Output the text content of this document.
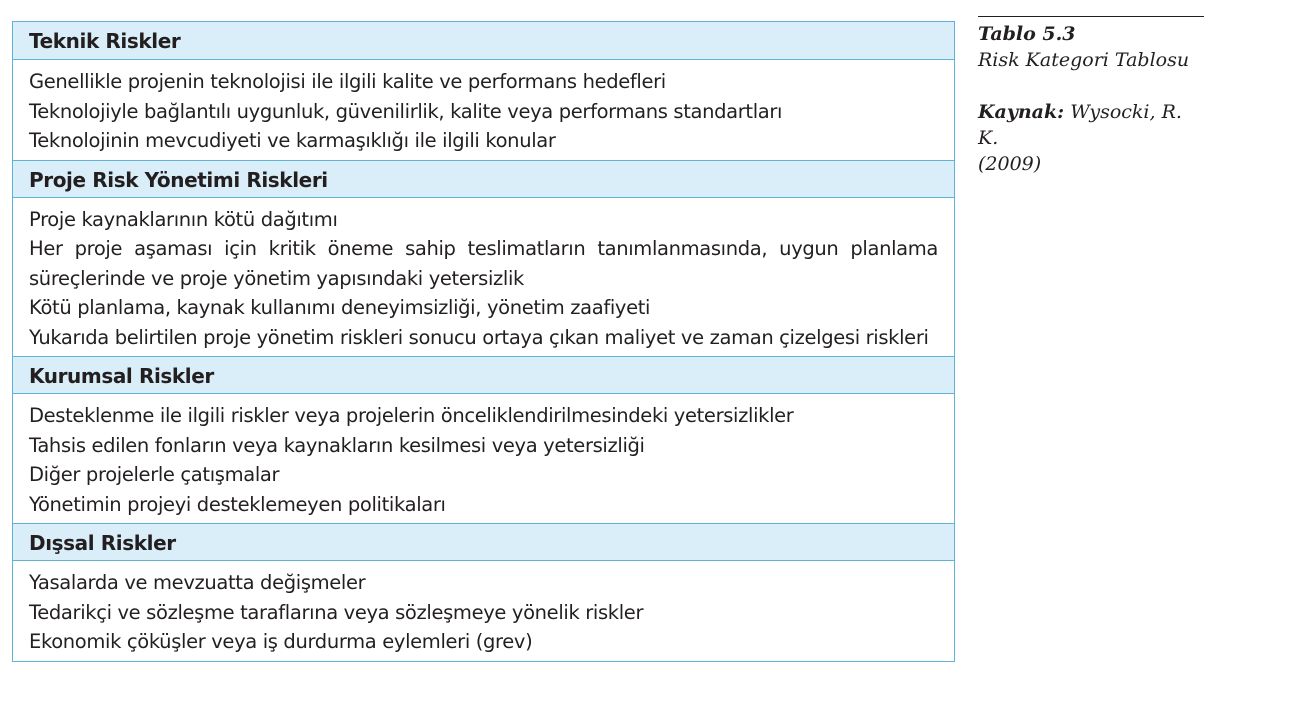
Teknik Riskler
Genellikle projenin teknolojisi ile ilgili kalite ve performans hedefleri
Teknolojiyle bağlantılı uygunluk, güvenilirlik, kalite veya performans standartları
Teknolojinin mevcudiyeti ve karmaşıklığı ile ilgili konular
Proje Risk Yönetimi Riskleri
Proje kaynaklarının kötü dağıtımı
Her proje aşaması için kritik öneme sahip teslimatların tanımlanmasında, uygun planlama süreçlerinde ve proje yönetim yapısındaki yetersizlik
Kötü planlama, kaynak kullanımı deneyimsizliği, yönetim zaafiyeti
Yukarıda belirtilen proje yönetim riskleri sonucu ortaya çıkan maliyet ve zaman çizelgesi riskleri
Kurumsal Riskler
Desteklenme ile ilgili riskler veya projelerin önceliklendirilmesindeki yetersizlikler
Tahsis edilen fonların veya kaynakların kesilmesi veya yetersizliği
Diğer projelerle çatışmalar
Yönetimin projeyi desteklemeyen politikaları
Dışsal Riskler
Yasalarda ve mevzuatta değişmeler
Tedarikçi ve sözleşme taraflarına veya sözleşmeye yönelik riskler
Ekonomik çöküşler veya iş durdurma eylemleri (grev)
Tablo 5.3
Risk Kategori Tablosu
Kaynak: Wysocki, R. K.
(2009)
